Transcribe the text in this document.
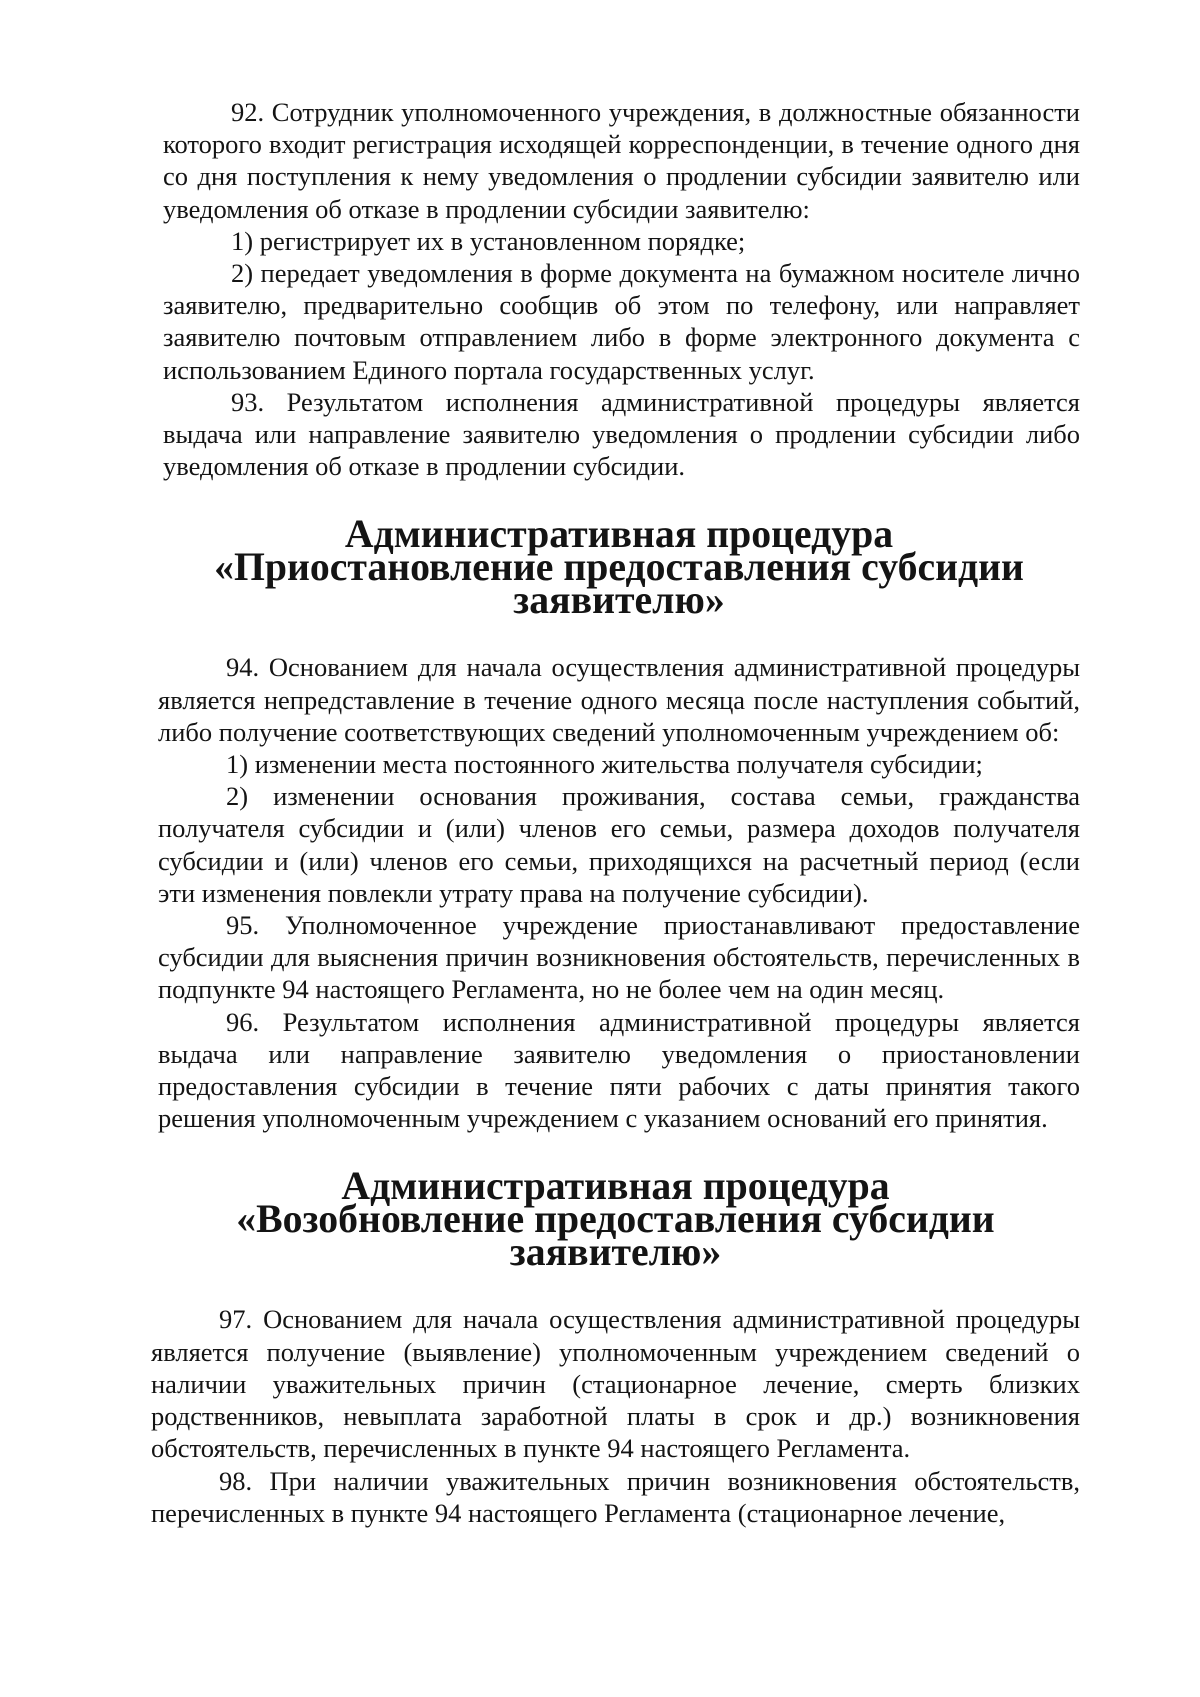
92. Сотрудник уполномоченного учреждения, в должностные обязанности которого входит регистрация исходящей корреспонденции, в течение одного дня со дня поступления к нему уведомления о продлении субсидии заявителю или уведомления об отказе в продлении субсидии заявителю:

1) регистрирует их в установленном порядке;

2) передает уведомления в форме документа на бумажном носителе лично заявителю, предварительно сообщив об этом по телефону, или направляет заявителю почтовым отправлением либо в форме электронного документа с использованием Единого портала государственных услуг.

93. Результатом исполнения административной процедуры является выдача или направление заявителю уведомления о продлении субсидии либо уведомления об отказе в продлении субсидии.

Административная процедура
«Приостановление предоставления субсидии заявителю»

94. Основанием для начала осуществления административной процедуры является непредставление в течение одного месяца после наступления событий, либо получение соответствующих сведений уполномоченным учреждением об:

1) изменении места постоянного жительства получателя субсидии;

2) изменении основания проживания, состава семьи, гражданства получателя субсидии и (или) членов его семьи, размера доходов получателя субсидии и (или) членов его семьи, приходящихся на расчетный период (если эти изменения повлекли утрату права на получение субсидии).

95. Уполномоченное учреждение приостанавливают предоставление субсидии для выяснения причин возникновения обстоятельств, перечисленных в подпункте 94 настоящего Регламента, но не более чем на один месяц.

96. Результатом исполнения административной процедуры является выдача или направление заявителю уведомления о приостановлении предоставления субсидии в течение пяти рабочих с даты принятия такого решения уполномоченным учреждением с указанием оснований его принятия.

Административная процедура
«Возобновление предоставления субсидии заявителю»

97. Основанием для начала осуществления административной процедуры является получение (выявление) уполномоченным учреждением сведений о наличии уважительных причин (стационарное лечение, смерть близких родственников, невыплата заработной платы в срок и др.) возникновения обстоятельств, перечисленных в пункте 94 настоящего Регламента.

98. При наличии уважительных причин возникновения обстоятельств, перечисленных в пункте 94 настоящего Регламента (стационарное лечение,
